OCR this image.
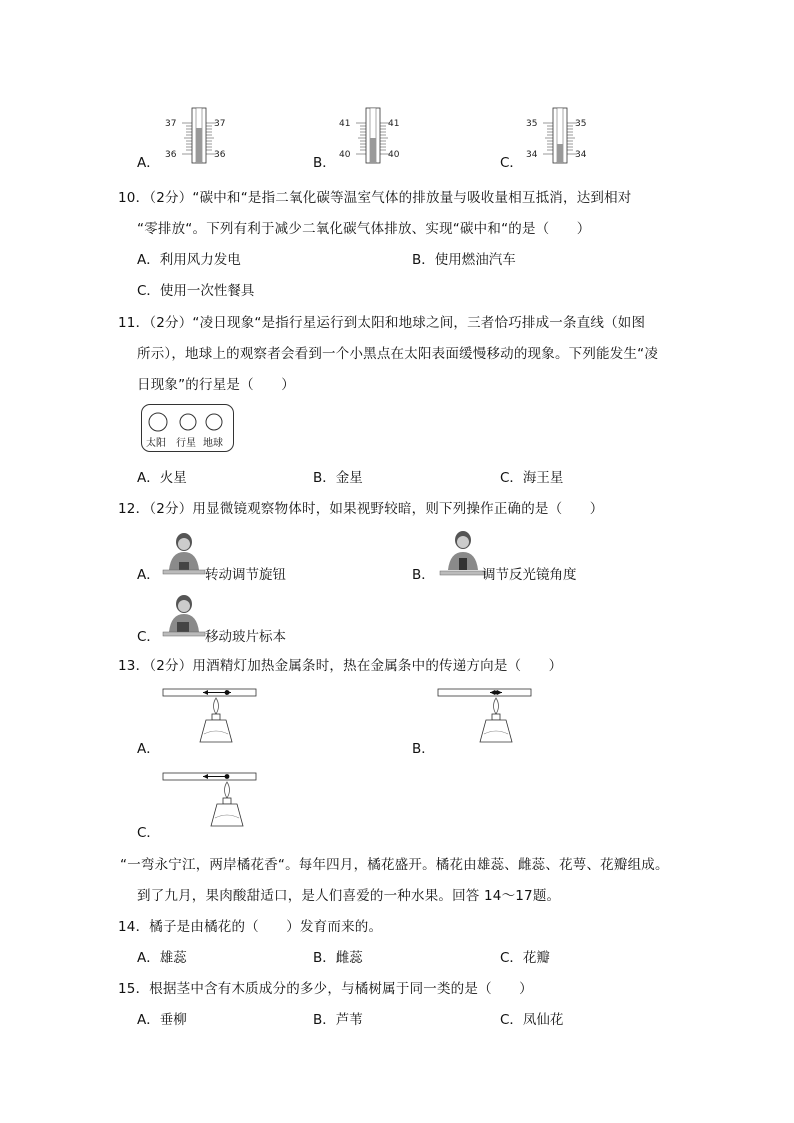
A．
37
36
37
36	B．
41
40
41
40	C．
35
34
35
34
10．（2分）“碳中和“是指二氧化碳等温室气体的排放量与吸收量相互抵消，达到相对
“零排放“。下列有利于减少二氧化碳气体排放、实现“碳中和“的是（　　）
A．利用风力发电	B．使用燃油汽车
C．使用一次性餐具
11．（2分）“凌日现象“是指行星运行到太阳和地球之间，三者恰巧排成一条直线（如图
所示），地球上的观察者会看到一个小黑点在太阳表面缓慢移动的现象。下列能发生“凌
日现象”的行星是（　　）
太阳 行星 地球
A．火星	B．金星	C．海王星
12．（2分）用显微镜观察物体时，如果视野较暗，则下列操作正确的是（　　）
A．	转动调节旋钮	B．	调节反光镜角度
C．	移动玻片标本
13．（2分）用酒精灯加热金属条时，热在金属条中的传递方向是（　　）
A．	B．
C．
“一弯永宁江，两岸橘花香“。每年四月，橘花盛开。橘花由雄蕊、雌蕊、花萼、花瓣组成。
到了九月，果肉酸甜适口，是人们喜爱的一种水果。回答 14～17题。
14．橘子是由橘花的（　　）发育而来的。
A．雄蕊	B．雌蕊	C．花瓣
15．根据茎中含有木质成分的多少，与橘树属于同一类的是（　　）
A．垂柳	B．芦苇	C．凤仙花
